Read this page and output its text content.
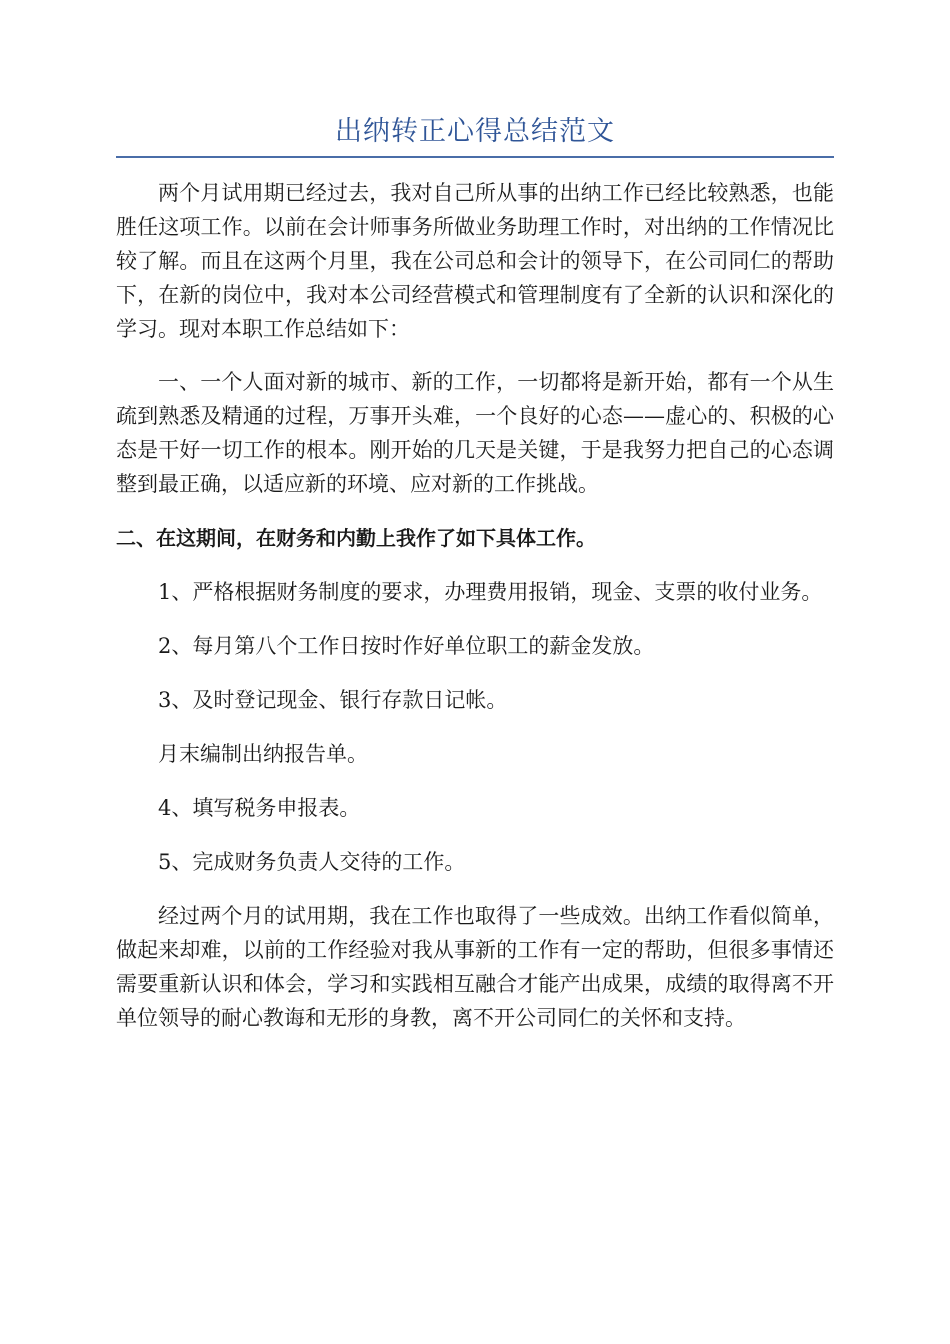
出纳转正心得总结范文

两个月试用期已经过去，我对自己所从事的出纳工作已经比较熟悉，也能胜任这项工作。以前在会计师事务所做业务助理工作时，对出纳的工作情况比较了解。而且在这两个月里，我在公司总和会计的领导下，在公司同仁的帮助下，在新的岗位中，我对本公司经营模式和管理制度有了全新的认识和深化的学习。现对本职工作总结如下：

一、一个人面对新的城市、新的工作，一切都将是新开始，都有一个从生疏到熟悉及精通的过程，万事开头难，一个良好的心态——虚心的、积极的心态是干好一切工作的根本。刚开始的几天是关键，于是我努力把自己的心态调整到最正确，以适应新的环境、应对新的工作挑战。

二、在这期间，在财务和内勤上我作了如下具体工作。

1、严格根据财务制度的要求，办理费用报销，现金、支票的收付业务。

2、每月第八个工作日按时作好单位职工的薪金发放。

3、及时登记现金、银行存款日记帐。

月末编制出纳报告单。

4、填写税务申报表。

5、完成财务负责人交待的工作。

经过两个月的试用期，我在工作也取得了一些成效。出纳工作看似简单，做起来却难，以前的工作经验对我从事新的工作有一定的帮助，但很多事情还需要重新认识和体会，学习和实践相互融合才能产出成果，成绩的取得离不开单位领导的耐心教诲和无形的身教，离不开公司同仁的关怀和支持。
